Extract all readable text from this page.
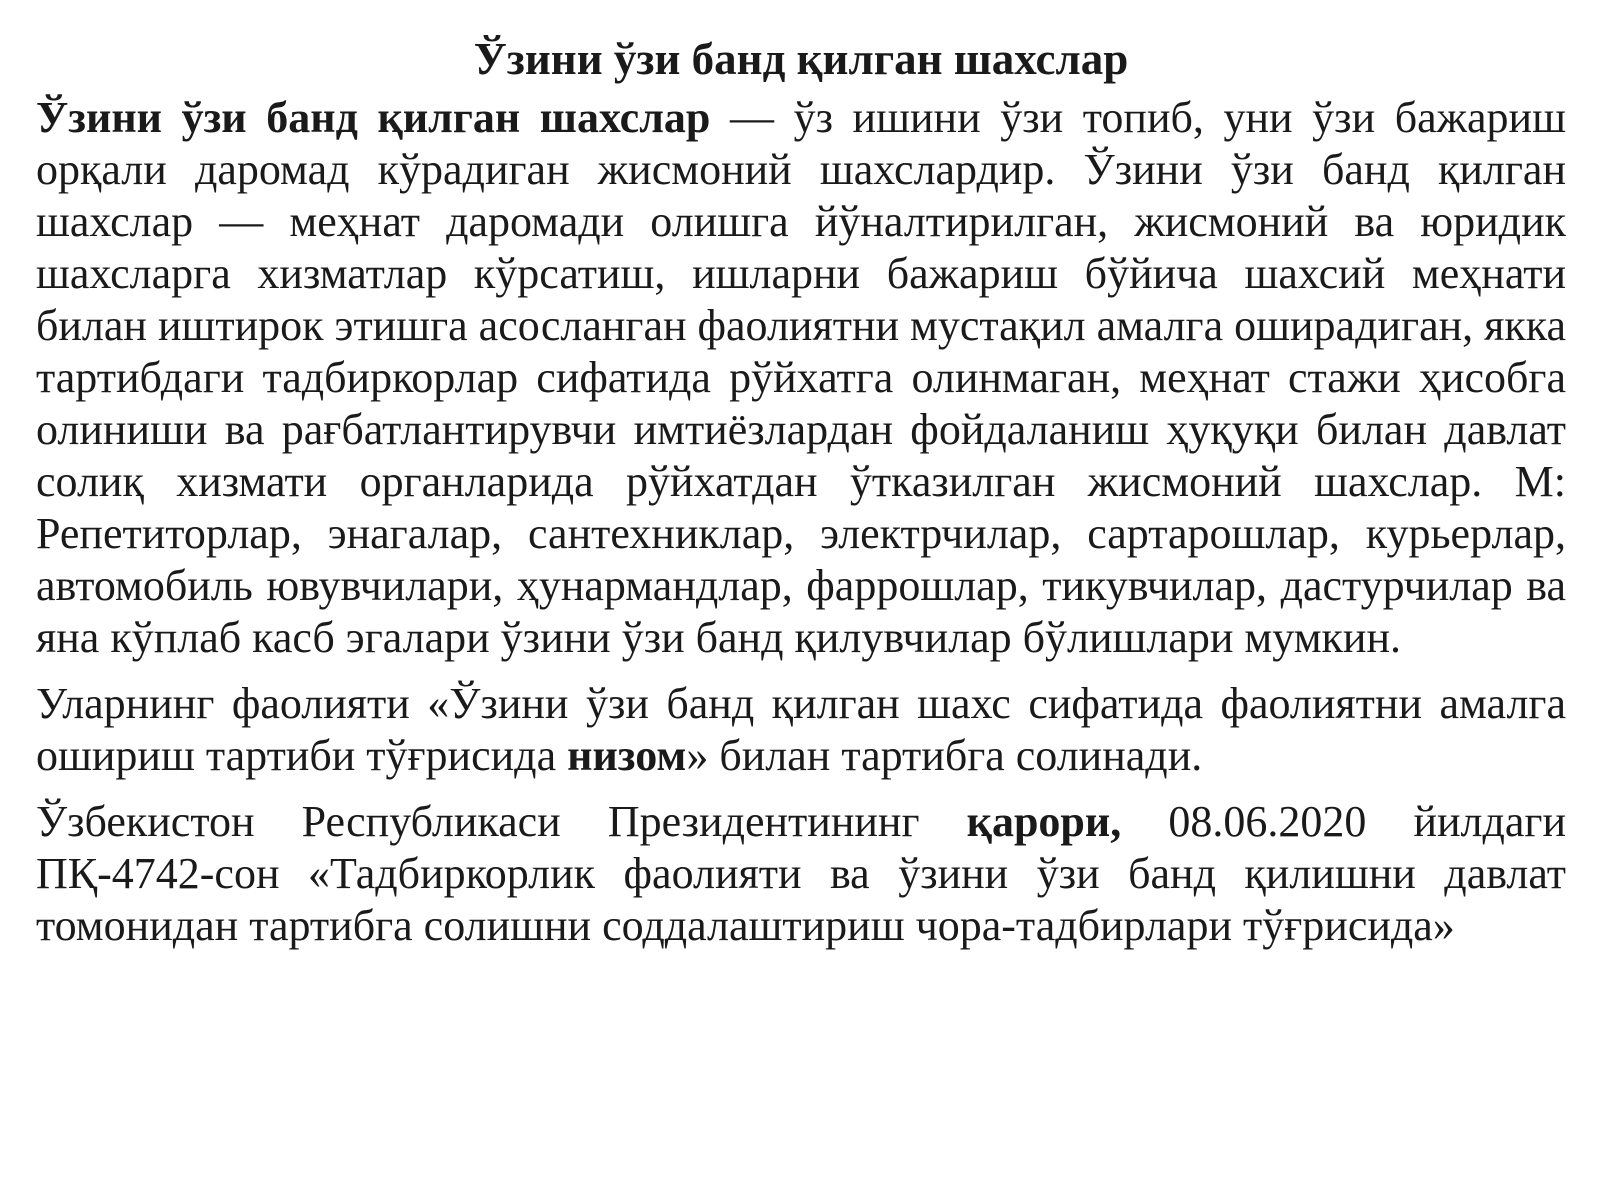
Ўзини ўзи банд қилган шахслар

Ўзини ўзи банд қилган шахслар — ўз ишини ўзи топиб, уни ўзи бажариш орқали даромад кўрадиган жисмоний шахслардир. Ўзини ўзи банд қилган шахслар — меҳнат даромади олишга йўналтирилган, жисмоний ва юридик шахсларга хизматлар кўрсатиш, ишларни бажариш бўйича шахсий меҳнати билан иштирок этишга асосланган фаолиятни мустақил амалга оширадиган, якка тартибдаги тадбиркорлар сифатида рўйхатга олинмаган, меҳнат стажи ҳисобга олиниши ва рағбатлантирувчи имтиёзлардан фойдаланиш ҳуқуқи билан давлат солиқ хизмати органларида рўйхатдан ўтказилган жисмоний шахслар. М: Репетиторлар, энагалар, сантехниклар, электрчилар, сартарошлар, курьерлар, автомобиль ювувчилари, ҳунармандлар, фаррошлар, тикувчилар, дастурчилар ва яна кўплаб касб эгалари ўзини ўзи банд қилувчилар бўлишлари мумкин.

Уларнинг фаолияти «Ўзини ўзи банд қилган шахс сифатида фаолиятни амалга ошириш тартиби тўғрисида низом» билан тартибга солинади.

Ўзбекистон Республикаси Президентининг қарори, 08.06.2020 йилдаги ПҚ-4742-сон «Тадбиркорлик фаолияти ва ўзини ўзи банд қилишни давлат томонидан тартибга солишни соддалаштириш чора-тадбирлари тўғрисида»
